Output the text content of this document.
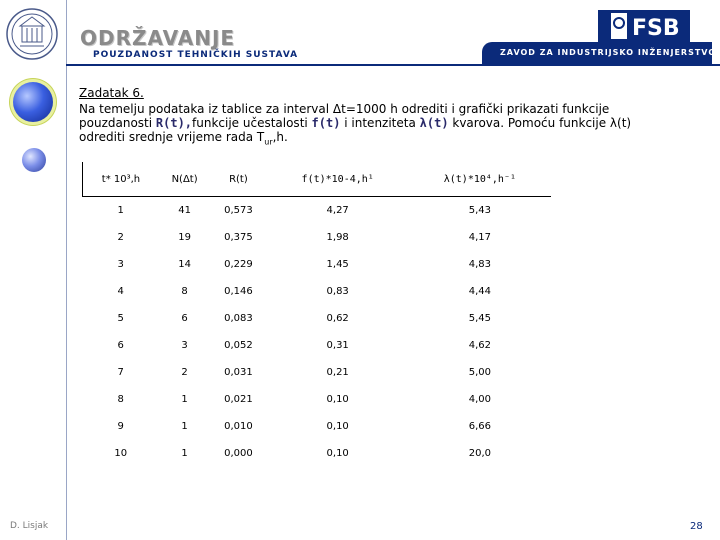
ODRŽAVANJE
POUZDANOST TEHNIČKIH SUSTAVA	ZAVOD ZA INDUSTRIJSKO INŽENJERSTVO
FSB
Zadatak 6.
Na temelju podataka iz tablice za interval Δt=1000 h odrediti i grafički prikazati funkcije
pouzdanosti R(t),funkcije učestalosti f(t) i intenziteta λ(t) kvarova. Pomoću funkcije λ(t)
odrediti srednje vrijeme rada $T_{ur},h$.
t* 10³,h	N(Δt)	R(t)	f(t)*10-4,h¹	λ(t)*10⁴,h⁻¹
1	41	0,573	4,27	5,43
2	19	0,375	1,98	4,17
3	14	0,229	1,45	4,83
4	8	0,146	0,83	4,44
5	6	0,083	0,62	5,45
6	3	0,052	0,31	4,62
7	2	0,031	0,21	5,00
8	1	0,021	0,10	4,00
9	1	0,010	0,10	6,66
10	1	0,000	0,10	20,0
D. Lisjak	28
